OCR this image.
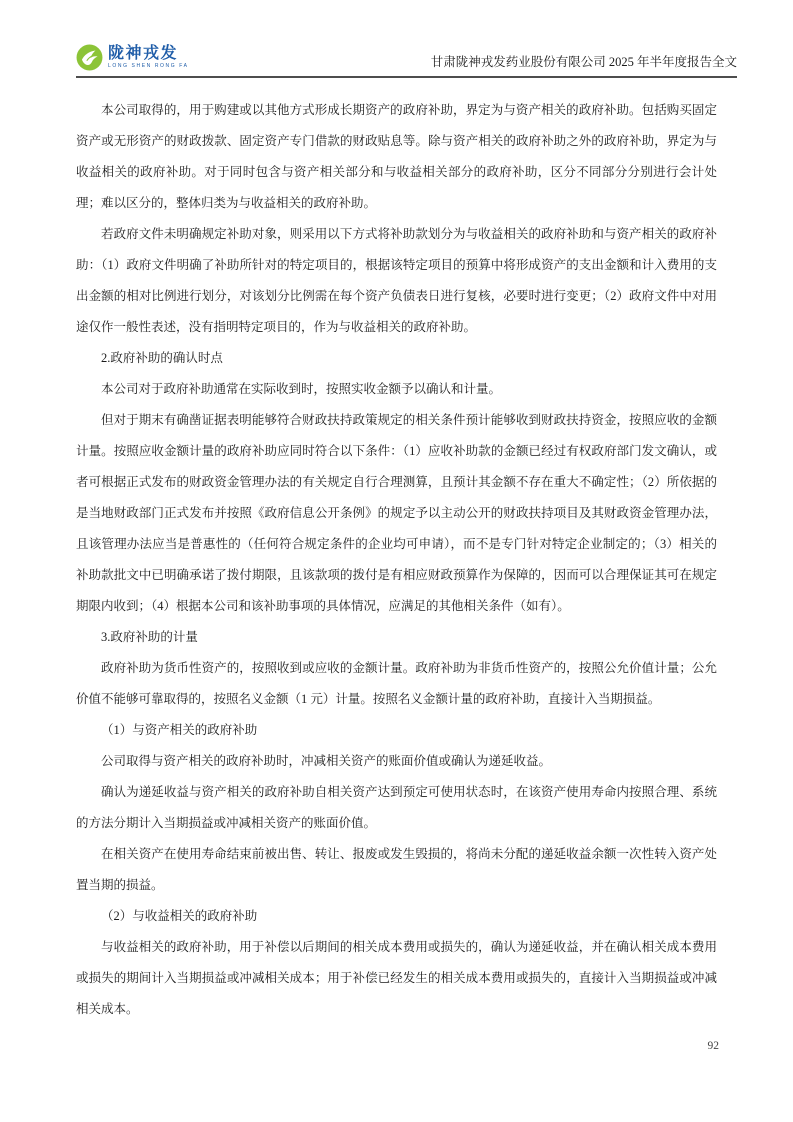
陇神戎发
LONG SHEN RONG FA	甘肃陇神戎发药业股份有限公司 2025 年半年度报告全文

本公司取得的，用于购建或以其他方式形成长期资产的政府补助，界定为与资产相关的政府补助。包括购买固定资产或无形资产的财政拨款、固定资产专门借款的财政贴息等。除与资产相关的政府补助之外的政府补助，界定为与收益相关的政府补助。对于同时包含与资产相关部分和与收益相关部分的政府补助，区分不同部分分别进行会计处理；难以区分的，整体归类为与收益相关的政府补助。

若政府文件未明确规定补助对象，则采用以下方式将补助款划分为与收益相关的政府补助和与资产相关的政府补助：（1）政府文件明确了补助所针对的特定项目的，根据该特定项目的预算中将形成资产的支出金额和计入费用的支出金额的相对比例进行划分，对该划分比例需在每个资产负债表日进行复核，必要时进行变更；（2）政府文件中对用途仅作一般性表述，没有指明特定项目的，作为与收益相关的政府补助。

2.政府补助的确认时点

本公司对于政府补助通常在实际收到时，按照实收金额予以确认和计量。

但对于期末有确凿证据表明能够符合财政扶持政策规定的相关条件预计能够收到财政扶持资金，按照应收的金额计量。按照应收金额计量的政府补助应同时符合以下条件：（1）应收补助款的金额已经过有权政府部门发文确认，或者可根据正式发布的财政资金管理办法的有关规定自行合理测算，且预计其金额不存在重大不确定性；（2）所依据的是当地财政部门正式发布并按照《政府信息公开条例》的规定予以主动公开的财政扶持项目及其财政资金管理办法，且该管理办法应当是普惠性的（任何符合规定条件的企业均可申请），而不是专门针对特定企业制定的；（3）相关的补助款批文中已明确承诺了拨付期限，且该款项的拨付是有相应财政预算作为保障的，因而可以合理保证其可在规定期限内收到；（4）根据本公司和该补助事项的具体情况，应满足的其他相关条件（如有）。

3.政府补助的计量

政府补助为货币性资产的，按照收到或应收的金额计量。政府补助为非货币性资产的，按照公允价值计量；公允价值不能够可靠取得的，按照名义金额（1 元）计量。按照名义金额计量的政府补助，直接计入当期损益。

（1）与资产相关的政府补助

公司取得与资产相关的政府补助时，冲减相关资产的账面价值或确认为递延收益。

确认为递延收益与资产相关的政府补助自相关资产达到预定可使用状态时，在该资产使用寿命内按照合理、系统的方法分期计入当期损益或冲减相关资产的账面价值。

在相关资产在使用寿命结束前被出售、转让、报废或发生毁损的，将尚未分配的递延收益余额一次性转入资产处置当期的损益。

（2）与收益相关的政府补助

与收益相关的政府补助，用于补偿以后期间的相关成本费用或损失的，确认为递延收益，并在确认相关成本费用或损失的期间计入当期损益或冲减相关成本；用于补偿已经发生的相关成本费用或损失的，直接计入当期损益或冲减相关成本。

92
